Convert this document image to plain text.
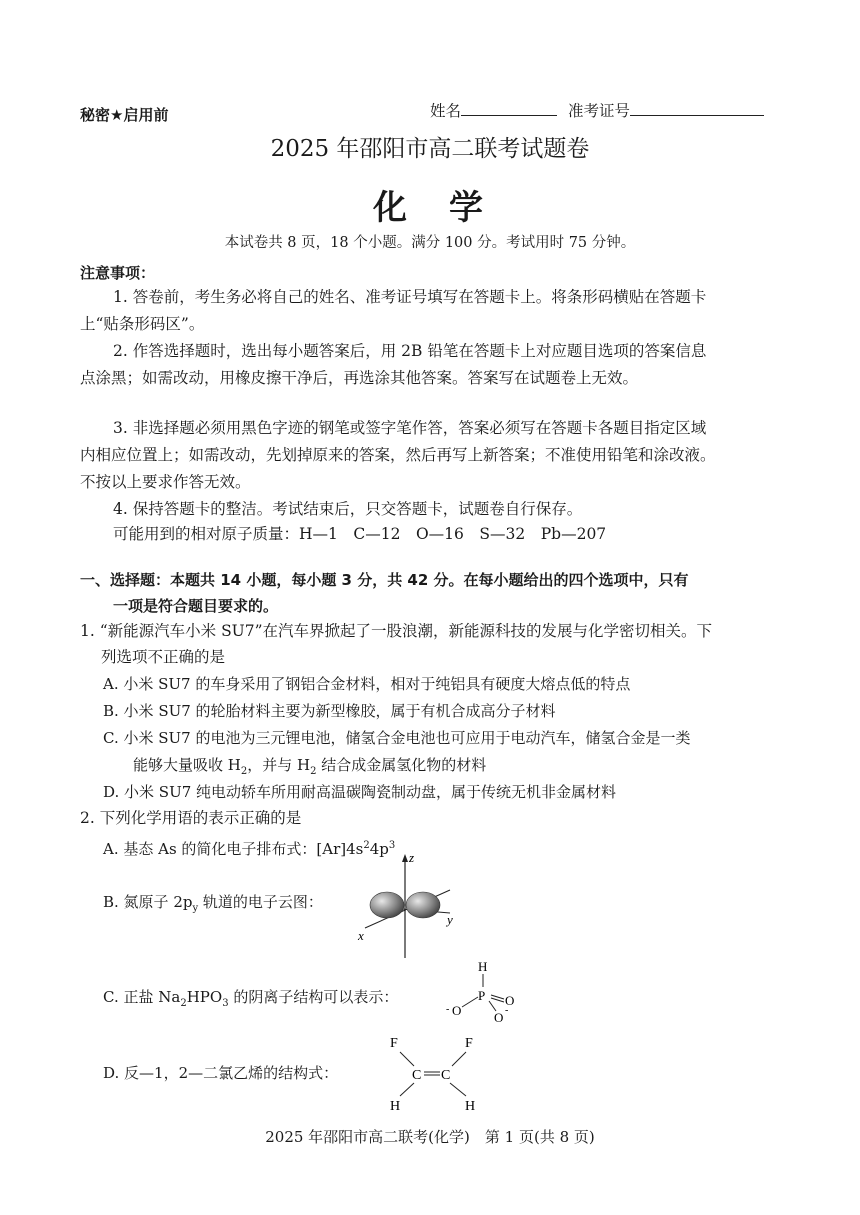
秘密★启用前	姓名	准考证号
2025 年邵阳市高二联考试题卷
化　学
本试卷共 8 页，18 个小题。满分 100 分。考试用时 75 分钟。
注意事项：
1. 答卷前，考生务必将自己的姓名、准考证号填写在答题卡上。将条形码横贴在答题卡
上“贴条形码区”。
2. 作答选择题时，选出每小题答案后，用 2B 铅笔在答题卡上对应题目选项的答案信息
点涂黑；如需改动，用橡皮擦干净后，再选涂其他答案。答案写在试题卷上无效。
3. 非选择题必须用黑色字迹的钢笔或签字笔作答，答案必须写在答题卡各题目指定区域
内相应位置上；如需改动，先划掉原来的答案，然后再写上新答案；不准使用铅笔和涂改液。
不按以上要求作答无效。
4. 保持答题卡的整洁。考试结束后，只交答题卡，试题卷自行保存。
可能用到的相对原子质量：H—1　C—12　O—16　S—32　Pb—207
一、选择题：本题共 14 小题，每小题 3 分，共 42 分。在每小题给出的四个选项中，只有
一项是符合题目要求的。
1. “新能源汽车小米 SU7”在汽车界掀起了一股浪潮，新能源科技的发展与化学密切相关。下
列选项不正确的是
A. 小米 SU7 的车身采用了钢铝合金材料，相对于纯铝具有硬度大熔点低的特点
B. 小米 SU7 的轮胎材料主要为新型橡胶，属于有机合成高分子材料
C. 小米 SU7 的电池为三元锂电池，储氢合金电池也可应用于电动汽车，储氢合金是一类
能够大量吸收 $H_2$，并与 $H_2$ 结合成金属氢化物的材料
D. 小米 SU7 纯电动轿车所用耐高温碳陶瓷制动盘，属于传统无机非金属材料
2. 下列化学用语的表示正确的是
A. 基态 As 的简化电子排布式：$[Ar]4s^24p^3$
B. 氮原子 $2p_y$ 轨道的电子云图：
z
y
x
C. 正盐 $Na_2HPO_3$ 的阴离子结构可以表示：
H
P
- O
O
O -
D. 反—1，2—二氯乙烯的结构式：
F	F
C C
H	H
2025 年邵阳市高二联考(化学)　第 1 页(共 8 页)
